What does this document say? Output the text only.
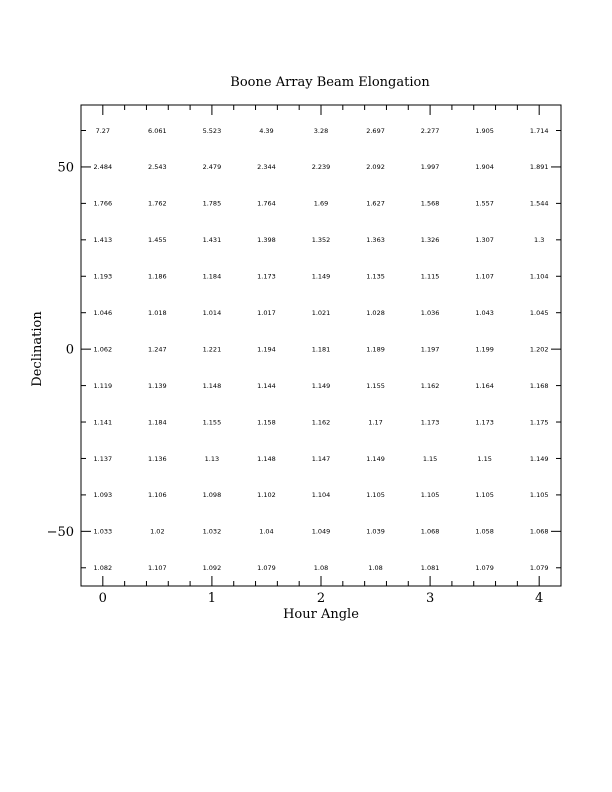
Boone Array Beam Elongation
0	1	2	3	4
50
0
−50
7.27	6.061	5.523	4.39	3.28	2.697	2.277	1.905	1.714
2.484	2.543	2.479	2.344	2.239	2.092	1.997	1.904	1.891
1.766	1.762	1.785	1.764	1.69	1.627	1.568	1.557	1.544
1.413	1.455	1.431	1.398	1.352	1.363	1.326	1.307	1.3
1.193	1.186	1.184	1.173	1.149	1.135	1.115	1.107	1.104
1.046	1.018	1.014	1.017	1.021	1.028	1.036	1.043	1.045
1.062	1.247	1.221	1.194	1.181	1.189	1.197	1.199	1.202
1.119	1.139	1.148	1.144	1.149	1.155	1.162	1.164	1.168
1.141	1.184	1.155	1.158	1.162	1.17	1.173	1.173	1.175
1.137	1.136	1.13	1.148	1.147	1.149	1.15	1.15	1.149
1.093	1.106	1.098	1.102	1.104	1.105	1.105	1.105	1.105
1.033	1.02	1.032	1.04	1.049	1.039	1.068	1.058	1.068
1.082	1.107	1.092	1.079	1.08	1.08	1.081	1.079	1.079
Hour Angle
Declination
